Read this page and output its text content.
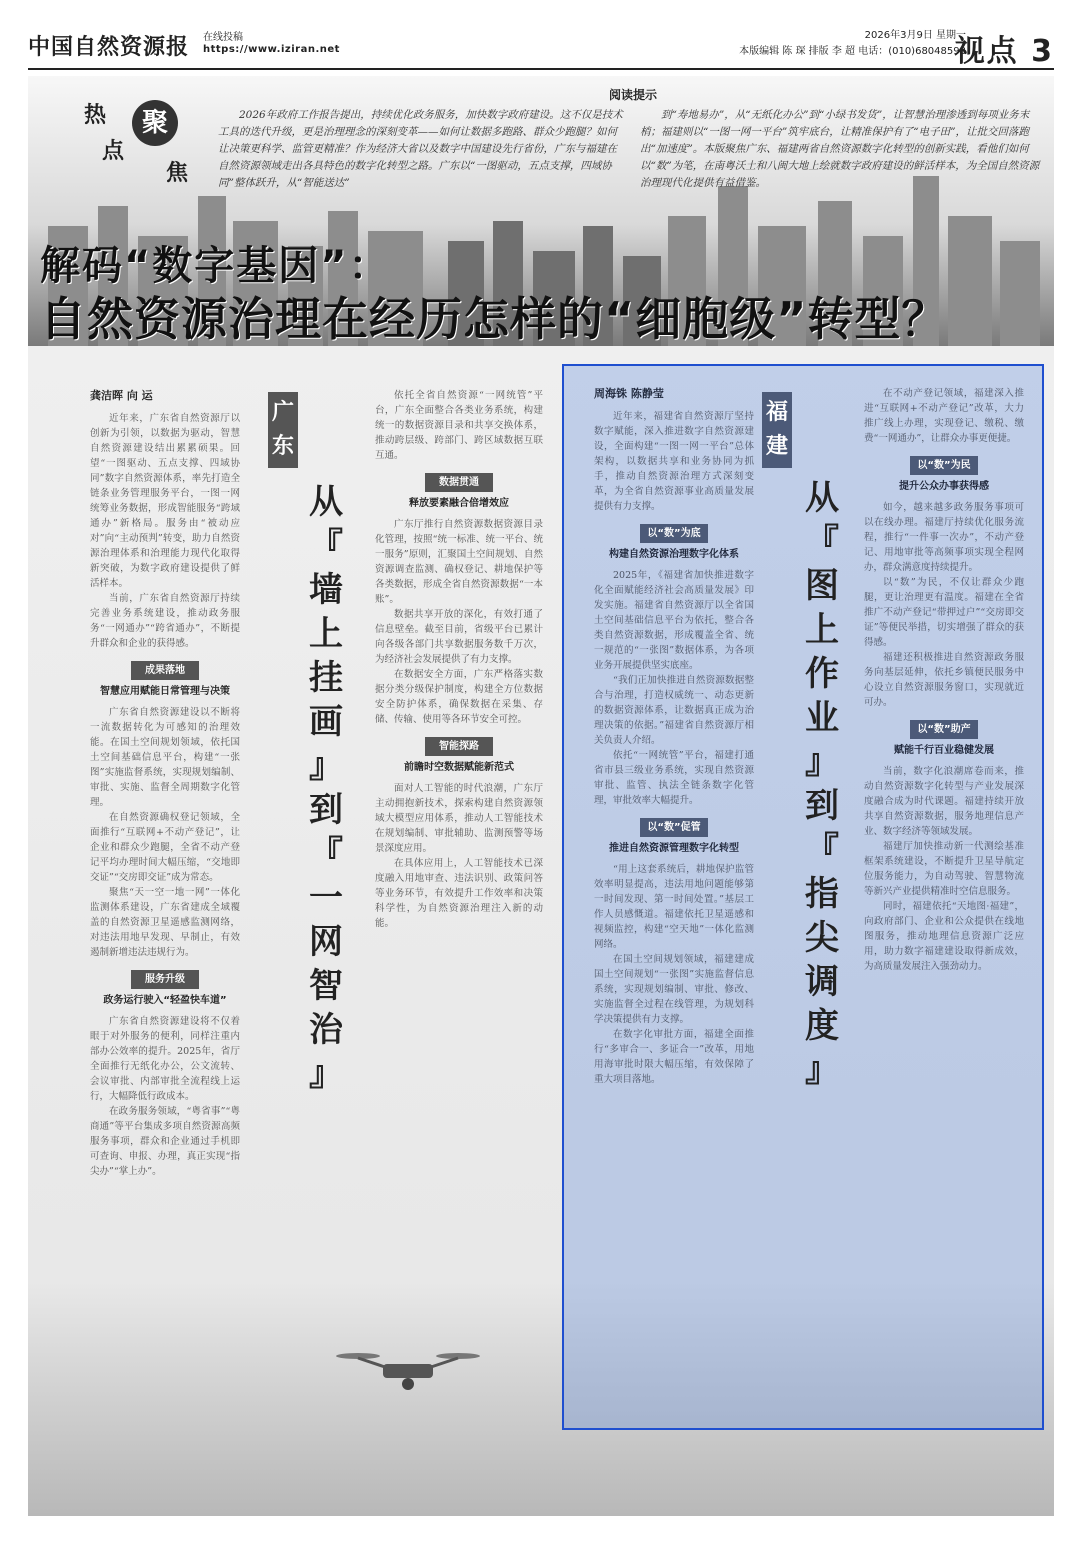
中国自然资源报 在线投稿
https://www.iziran.net
2026年3月9日 星期一
本版编辑 陈 琛 排版 李 超 电话：(010)68048593
视点 3
热
点
聚
焦
阅读提示

2026年政府工作报告提出，持续优化政务服务，加快数字政府建设。这不仅是技术工具的迭代升级，更是治理理念的深刻变革——如何让数据多跑路、群众少跑腿？如何让决策更科学、监管更精准？作为经济大省以及数字中国建设先行省份，广东与福建在自然资源领域走出各具特色的数字化转型之路。广东以“一图驱动，五点支撑，四域协同”整体跃升，从“智能送达”

到“寿地易办”，从“无纸化办公”到“小绿书发货”，让智慧治理渗透到每项业务末梢；福建则以“一图一网一平台”筑牢底台，让精准保护有了“电子田”，让批交回落跑出“加速度”。本版聚焦广东、福建两省自然资源数字化转型的创新实践，看他们如何以“数”为笔，在南粤沃土和八闽大地上绘就数字政府建设的鲜活样本，为全国自然资源治理现代化提供有益借鉴。

解码“数字基因”：
自然资源治理在经历怎样的“细胞级”转型？
龚洁晖 向 运

近年来，广东省自然资源厅以创新为引领，以数据为驱动，智慧自然资源建设结出累累硕果。回望“一图驱动、五点支撑、四域协同”数字自然资源体系，率先打造全链条业务管理服务平台，一图一网统筹业务数据，形成智能服务“跨域通办”新格局。服务由“被动应对”向“主动预判”转变，助力自然资源治理体系和治理能力现代化取得新突破，为数字政府建设提供了鲜活样本。

当前，广东省自然资源厅持续完善业务系统建设，推动政务服务“一网通办”“跨省通办”，不断提升群众和企业的获得感。

成果落地
智慧应用赋能日常管理与决策

广东省自然资源建设以不断将一流数据转化为可感知的治理效能。在国土空间规划领域，依托国土空间基础信息平台，构建“一张图”实施监督系统，实现规划编制、审批、实施、监督全周期数字化管理。

在自然资源确权登记领域，全面推行“互联网+不动产登记”，让企业和群众少跑腿，全省不动产登记平均办理时间大幅压缩，“交地即交证”“交房即交证”成为常态。

聚焦“天一空一地一网”一体化监测体系建设，广东省建成全域覆盖的自然资源卫星遥感监测网络，对违法用地早发现、早制止，有效遏制新增违法违规行为。

服务升级
政务运行驶入“轻盈快车道”

广东省自然资源建设将不仅着眼于对外服务的便利，同样注重内部办公效率的提升。2025年，省厅全面推行无纸化办公，公文流转、会议审批、内部审批全流程线上运行，大幅降低行政成本。

在政务服务领域，“粤省事”“粤商通”等平台集成多项自然资源高频服务事项，群众和企业通过手机即可查询、申报、办理，真正实现“指尖办”“掌上办”。

广东
从
『
墙
上
挂
画
』
到
『
一
网
智
治
』

依托全省自然资源“一网统管”平台，广东全面整合各类业务系统，构建统一的数据资源目录和共享交换体系，推动跨层级、跨部门、跨区域数据互联互通。

数据贯通
释放要素融合倍增效应

广东厅推行自然资源数据资源目录化管理，按照“统一标准、统一平台、统一服务”原则，汇聚国土空间规划、自然资源调查监测、确权登记、耕地保护等各类数据，形成全省自然资源数据“一本账”。

数据共享开放的深化，有效打通了信息壁垒。截至目前，省级平台已累计向各级各部门共享数据服务数千万次，为经济社会发展提供了有力支撑。

在数据安全方面，广东严格落实数据分类分级保护制度，构建全方位数据安全防护体系，确保数据在采集、存储、传输、使用等各环节安全可控。

智能探路
前瞻时空数据赋能新范式

面对人工智能的时代浪潮，广东厅主动拥抱新技术，探索构建自然资源领域大模型应用体系，推动人工智能技术在规划编制、审批辅助、监测预警等场景深度应用。

在具体应用上，人工智能技术已深度融入用地审查、违法识别、政策问答等业务环节，有效提升工作效率和决策科学性，为自然资源治理注入新的动能。

周海铢 陈静莹

近年来，福建省自然资源厅坚持数字赋能，深入推进数字自然资源建设，全面构建“一图一网一平台”总体架构，以数据共享和业务协同为抓手，推动自然资源治理方式深刻变革，为全省自然资源事业高质量发展提供有力支撑。

以“数”为底
构建自然资源治理数字化体系

2025年，《福建省加快推进数字化全面赋能经济社会高质量发展》印发实施。福建省自然资源厅以全省国土空间基础信息平台为依托，整合各类自然资源数据，形成覆盖全省、统一规范的“一张图”数据体系，为各项业务开展提供坚实底座。

“我们正加快推进自然资源数据整合与治理，打造权威统一、动态更新的数据资源体系，让数据真正成为治理决策的依据。”福建省自然资源厅相关负责人介绍。

依托“一网统管”平台，福建打通省市县三级业务系统，实现自然资源审批、监管、执法全链条数字化管理，审批效率大幅提升。

以“数”促管
推进自然资源管理数字化转型

“用上这套系统后，耕地保护监管效率明显提高，违法用地问题能够第一时间发现、第一时间处置。”基层工作人员感慨道。福建依托卫星遥感和视频监控，构建“空天地”一体化监测网络。

在国土空间规划领域，福建建成国土空间规划“一张图”实施监督信息系统，实现规划编制、审批、修改、实施监督全过程在线管理，为规划科学决策提供有力支撑。

在数字化审批方面，福建全面推行“多审合一、多证合一”改革，用地用海审批时限大幅压缩，有效保障了重大项目落地。

福建
从
『
图
上
作
业
』
到
『
指
尖
调
度
』

在不动产登记领域，福建深入推进“互联网+不动产登记”改革，大力推广线上办理，实现登记、缴税、缴费“一网通办”，让群众办事更便捷。

以“数”为民
提升公众办事获得感

如今，越来越多政务服务事项可以在线办理。福建厅持续优化服务流程，推行“一件事一次办”，不动产登记、用地审批等高频事项实现全程网办，群众满意度持续提升。

以“数”为民，不仅让群众少跑腿，更让治理更有温度。福建在全省推广不动产登记“带押过户”“交房即交证”等便民举措，切实增强了群众的获得感。

福建还积极推进自然资源政务服务向基层延伸，依托乡镇便民服务中心设立自然资源服务窗口，实现就近可办。

以“数”助产
赋能千行百业稳健发展

当前，数字化浪潮席卷而来，推动自然资源数字化转型与产业发展深度融合成为时代课题。福建持续开放共享自然资源数据，服务地理信息产业、数字经济等领域发展。

福建厅加快推动新一代测绘基准框架系统建设，不断提升卫星导航定位服务能力，为自动驾驶、智慧物流等新兴产业提供精准时空信息服务。

同时，福建依托“天地图·福建”，向政府部门、企业和公众提供在线地图服务，推动地理信息资源广泛应用，助力数字福建建设取得新成效，为高质量发展注入强劲动力。
